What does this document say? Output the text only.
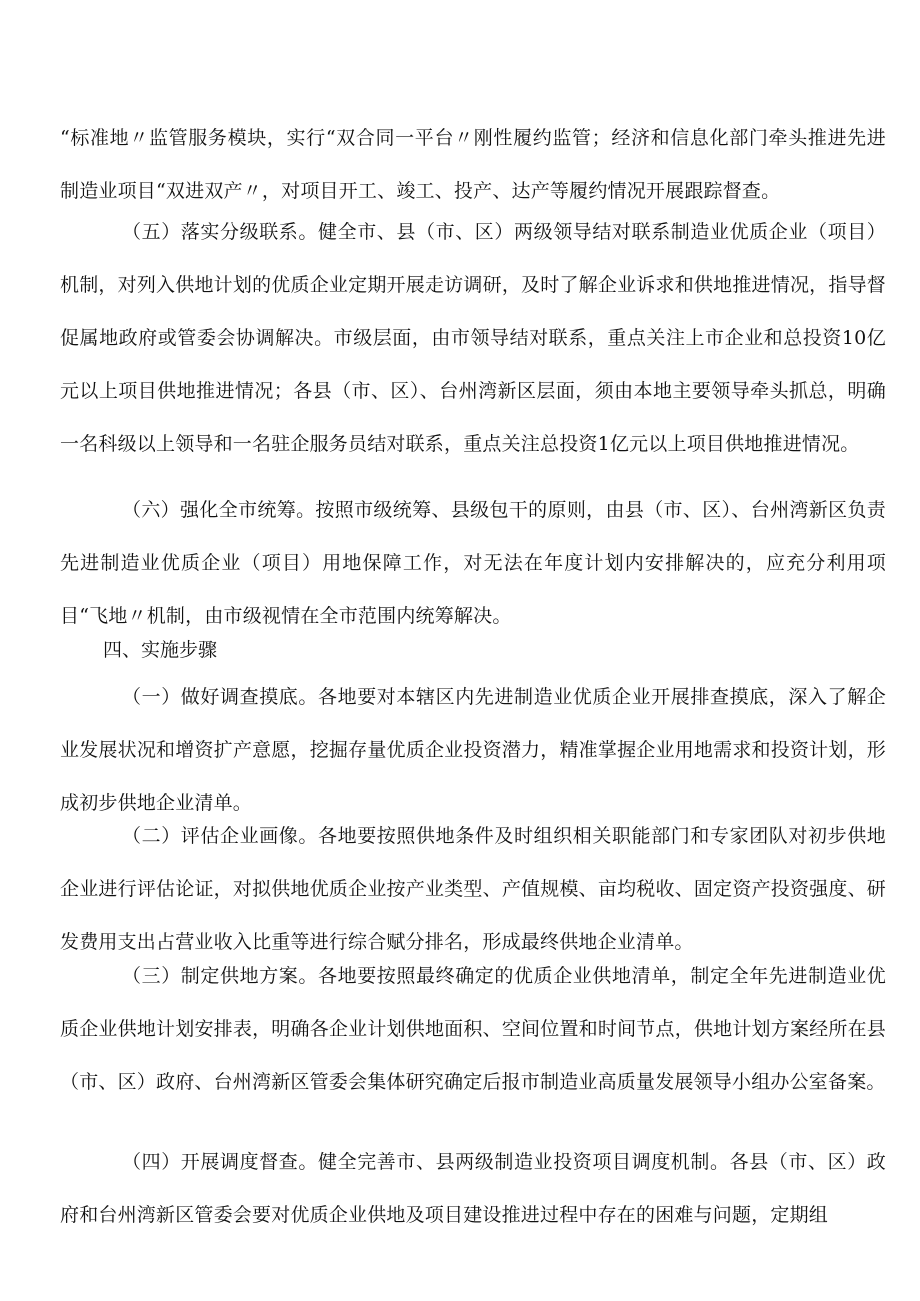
“标准地〃监管服务模块，实行“双合同一平台〃刚性履约监管；经济和信息化部门牵头推进先进制造业项目“双进双产〃，对项目开工、竣工、投产、达产等履约情况开展跟踪督查。

（五）落实分级联系。健全市、县（市、区）两级领导结对联系制造业优质企业（项目）机制，对列入供地计划的优质企业定期开展走访调研，及时了解企业诉求和供地推进情况，指导督促属地政府或管委会协调解决。市级层面，由市领导结对联系，重点关注上市企业和总投资10亿元以上项目供地推进情况；各县（市、区）、台州湾新区层面，须由本地主要领导牵头抓总，明确一名科级以上领导和一名驻企服务员结对联系，重点关注总投资1亿元以上项目供地推进情况。

（六）强化全市统筹。按照市级统筹、县级包干的原则，由县（市、区）、台州湾新区负责先进制造业优质企业（项目）用地保障工作，对无法在年度计划内安排解决的，应充分利用项目“飞地〃机制，由市级视情在全市范围内统筹解决。

四、实施步骤

（一）做好调查摸底。各地要对本辖区内先进制造业优质企业开展排查摸底，深入了解企业发展状况和增资扩产意愿，挖掘存量优质企业投资潜力，精准掌握企业用地需求和投资计划，形成初步供地企业清单。

（二）评估企业画像。各地要按照供地条件及时组织相关职能部门和专家团队对初步供地企业进行评估论证，对拟供地优质企业按产业类型、产值规模、亩均税收、固定资产投资强度、研发费用支出占营业收入比重等进行综合赋分排名，形成最终供地企业清单。

（三）制定供地方案。各地要按照最终确定的优质企业供地清单，制定全年先进制造业优质企业供地计划安排表，明确各企业计划供地面积、空间位置和时间节点，供地计划方案经所在县（市、区）政府、台州湾新区管委会集体研究确定后报市制造业高质量发展领导小组办公室备案。

（四）开展调度督查。健全完善市、县两级制造业投资项目调度机制。各县（市、区）政府和台州湾新区管委会要对优质企业供地及项目建设推进过程中存在的困难与问题，定期组
